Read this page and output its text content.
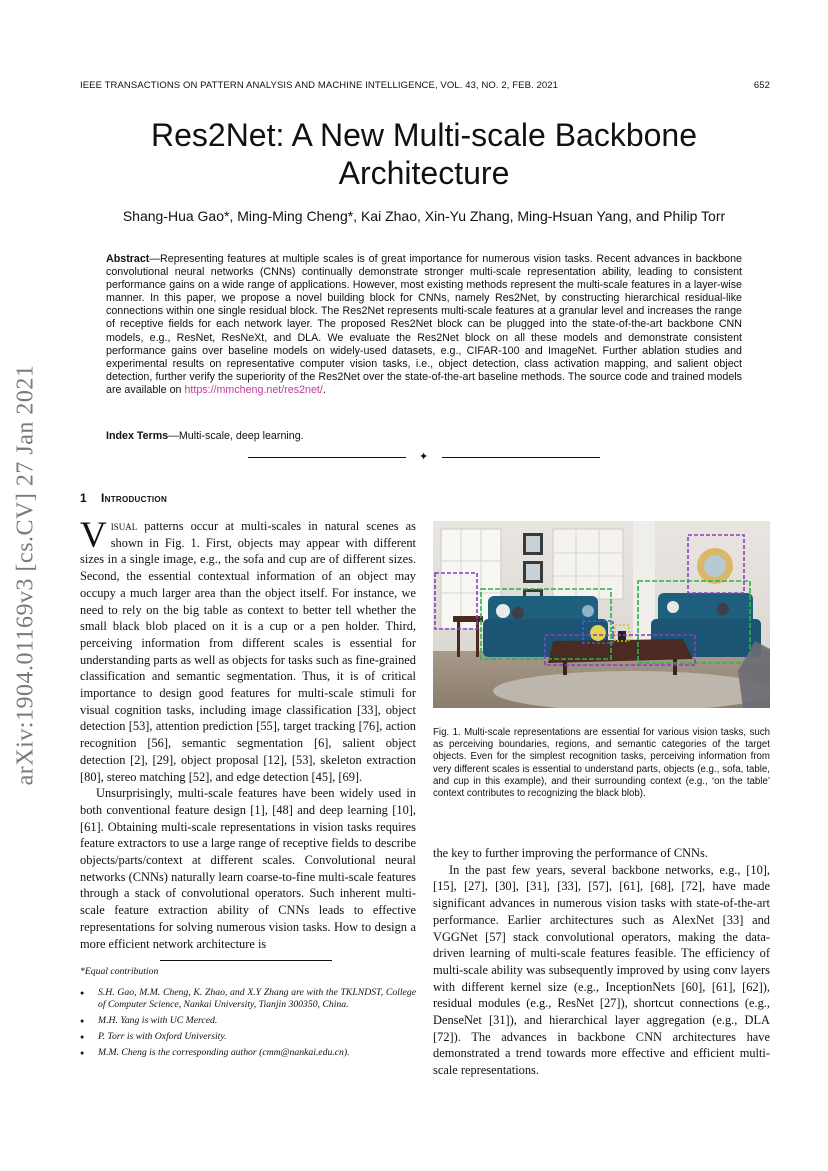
IEEE TRANSACTIONS ON PATTERN ANALYSIS AND MACHINE INTELLIGENCE, VOL. 43, NO. 2, FEB. 2021	652
Res2Net: A New Multi-scale Backbone
Architecture
Shang-Hua Gao*, Ming-Ming Cheng*, Kai Zhao, Xin-Yu Zhang, Ming-Hsuan Yang, and Philip Torr
Abstract—Representing features at multiple scales is of great importance for numerous vision tasks. Recent advances in backbone convolutional neural networks (CNNs) continually demonstrate stronger multi-scale representation ability, leading to consistent performance gains on a wide range of applications. However, most existing methods represent the multi-scale features in a layer-wise manner. In this paper, we propose a novel building block for CNNs, namely Res2Net, by constructing hierarchical residual-like connections within one single residual block. The Res2Net represents multi-scale features at a granular level and increases the range of receptive fields for each network layer. The proposed Res2Net block can be plugged into the state-of-the-art backbone CNN models, e.g., ResNet, ResNeXt, and DLA. We evaluate the Res2Net block on all these models and demonstrate consistent performance gains over baseline models on widely-used datasets, e.g., CIFAR-100 and ImageNet. Further ablation studies and experimental results on representative computer vision tasks, i.e., object detection, class activation mapping, and salient object detection, further verify the superiority of the Res2Net over the state-of-the-art baseline methods. The source code and trained models are available on https://mmcheng.net/res2net/.
Index Terms—Multi-scale, deep learning.
✦
arXiv:1904.01169v3 [cs.CV] 27 Jan 2021	1 Introduction

Visual patterns occur at multi-scales in natural scenes as shown in Fig. 1. First, objects may appear with different sizes in a single image, e.g., the sofa and cup are of different sizes. Second, the essential contextual information of an object may occupy a much larger area than the object itself. For instance, we need to rely on the big table as context to better tell whether the small black blob placed on it is a cup or a pen holder. Third, perceiving information from different scales is essential for understanding parts as well as objects for tasks such as fine-grained classification and semantic segmentation. Thus, it is of critical importance to design good features for multi-scale stimuli for visual cognition tasks, including image classification [33], object detection [53], attention prediction [55], target tracking [76], action recognition [56], semantic segmentation [6], salient object detection [2], [29], object proposal [12], [53], skeleton extraction [80], stereo matching [52], and edge detection [45], [69].

Unsurprisingly, multi-scale features have been widely used in both conventional feature design [1], [48] and deep learning [10], [61]. Obtaining multi-scale representations in vision tasks requires feature extractors to use a large range of receptive fields to describe objects/parts/context at different scales. Convolutional neural networks (CNNs) naturally learn coarse-to-fine multi-scale features through a stack of convolutional operators. Such inherent multi-scale feature extraction ability of CNNs leads to effective representations for solving numerous vision tasks. How to design a more efficient network architecture is

Fig. 1. Multi-scale representations are essential for various vision tasks, such as perceiving boundaries, regions, and semantic categories of the target objects. Even for the simplest recognition tasks, perceiving information from very different scales is essential to understand parts, objects (e.g., sofa, table, and cup in this example), and their surrounding context (e.g., ‘on the table’ context contributes to recognizing the black blob).

the key to further improving the performance of CNNs.

In the past few years, several backbone networks, e.g., [10], [15], [27], [30], [31], [33], [57], [61], [68], [72], have made significant advances in numerous vision tasks with state-of-the-art performance. Earlier architectures such as AlexNet [33] and VGGNet [57] stack convolutional operators, making the data-driven learning of multi-scale features feasible. The efficiency of multi-scale ability was subsequently improved by using conv layers with different kernel size (e.g., InceptionNets [60], [61], [62]), residual modules (e.g., ResNet [27]), shortcut connections (e.g., DenseNet [31]), and hierarchical layer aggregation (e.g., DLA [72]). The advances in backbone CNN architectures have demonstrated a trend towards more effective and efficient multi-scale representations.

*Equal contribution
● S.H. Gao, M.M. Cheng, K. Zhao, and X.Y Zhang are with the TKLNDST, College of Computer Science, Nankai University, Tianjin 300350, China.
● M.H. Yang is with UC Merced.
● P. Torr is with Oxford University.
● M.M. Cheng is the corresponding author (cmm@nankai.edu.cn).
